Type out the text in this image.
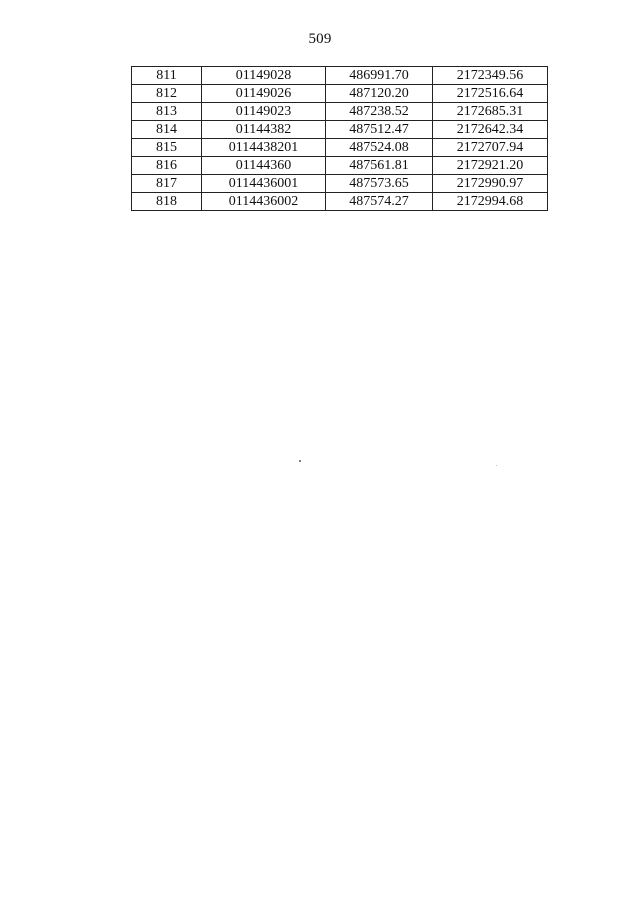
509
811	01149028	486991.70	2172349.56
812	01149026	487120.20	2172516.64
813	01149023	487238.52	2172685.31
814	01144382	487512.47	2172642.34
815	0114438201	487524.08	2172707.94
816	01144360	487561.81	2172921.20
817	0114436001	487573.65	2172990.97
818	0114436002	487574.27	2172994.68
